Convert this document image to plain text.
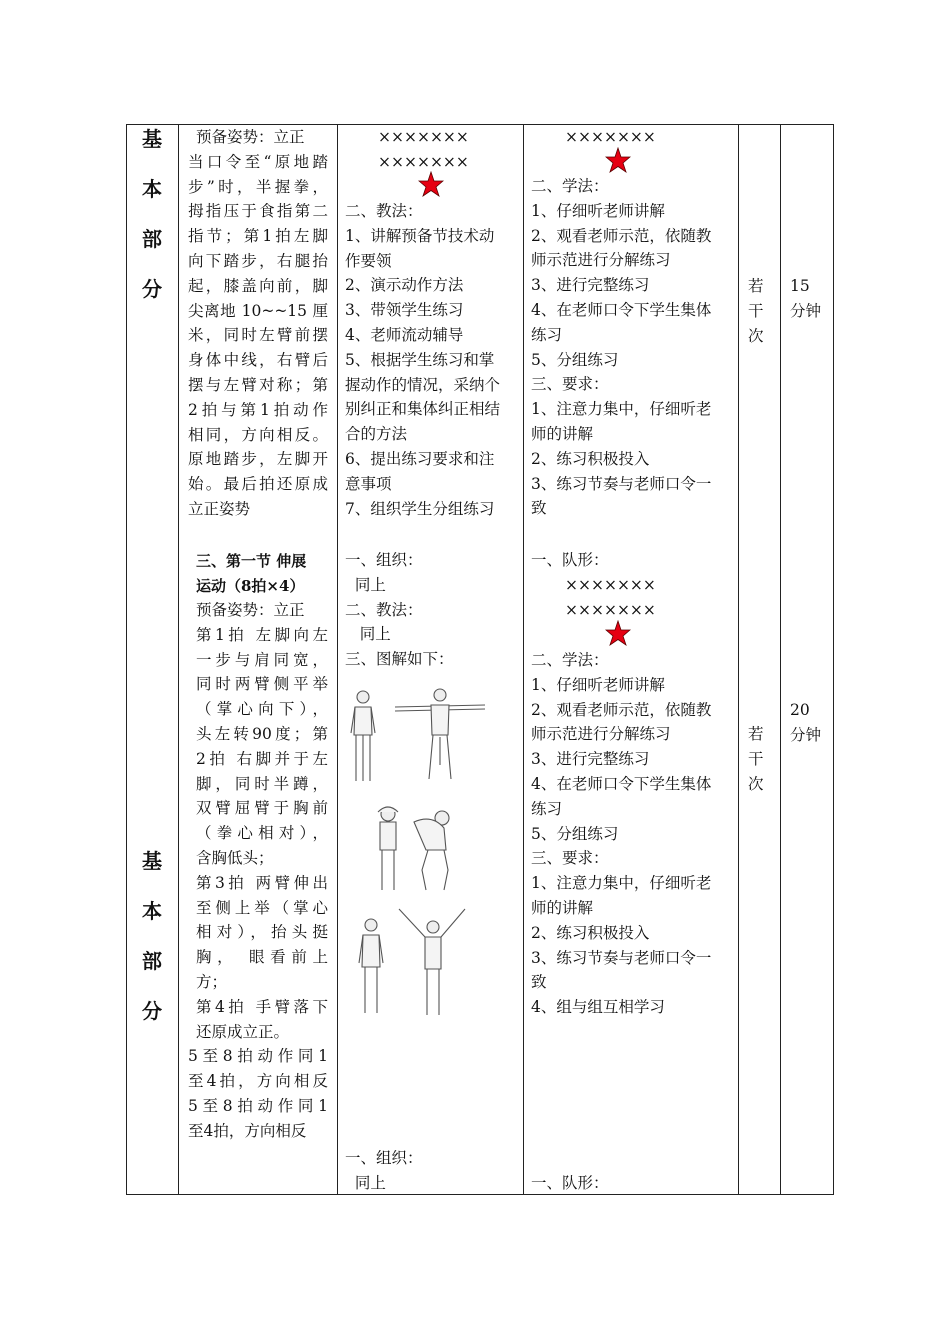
基
本
部
分
基
本
部
分
预备姿势：立正
当口令至“原地踏
步”时，半握拳，
拇指压于食指第二
指节；第1拍左脚
向下踏步，右腿抬
起，膝盖向前，脚
尖离地 10~~15 厘
米，同时左臂前摆
身体中线，右臂后
摆与左臂对称；第
2拍与第1拍动作
相同，方向相反。
原地踏步，左脚开
始。最后拍还原成
立正姿势
三、第一节 伸展
运动（8拍×4）
预备姿势：立正
第1拍 左脚向左
一步与肩同宽，
同时两臂侧平举
（掌心向下），
头左转90度；第
2拍 右脚并于左
脚，同时半蹲，
双臂屈臂于胸前
（拳心相对），
含胸低头；
第3拍 两臂伸出
至侧上举（掌心
相对），抬头挺
胸， 眼看前上
方；
第4拍 手臂落下
还原成立正。
5至8拍动作同1
至4拍，方向相反
5至8拍动作同1
至4拍，方向相反
×××××××
×××××××
二、教法：
1、讲解预备节技术动
作要领
2、演示动作方法
3、带领学生练习
4、老师流动辅导
5、根据学生练习和掌
握动作的情况，采纳个
别纠正和集体纠正相结
合的方法
6、提出练习要求和注
意事项
7、组织学生分组练习
一、组织：
同上
二、教法：
同上
三、图解如下：
一、组织：
同上
×××××××
二、学法：
1、仔细听老师讲解
2、观看老师示范，依随教
师示范进行分解练习
3、进行完整练习
4、在老师口令下学生集体
练习
5、分组练习
三、要求：
1、注意力集中，仔细听老
师的讲解
2、练习积极投入
3、练习节奏与老师口令一
致
一、队形：
×××××××
×××××××
二、学法：
1、仔细听老师讲解
2、观看老师示范，依随教
师示范进行分解练习
3、进行完整练习
4、在老师口令下学生集体
练习
5、分组练习
三、要求：
1、注意力集中，仔细听老
师的讲解
2、练习积极投入
3、练习节奏与老师口令一
致
4、组与组互相学习
一、队形：
若
干
次
若
干
次
15
分钟
20
分钟
